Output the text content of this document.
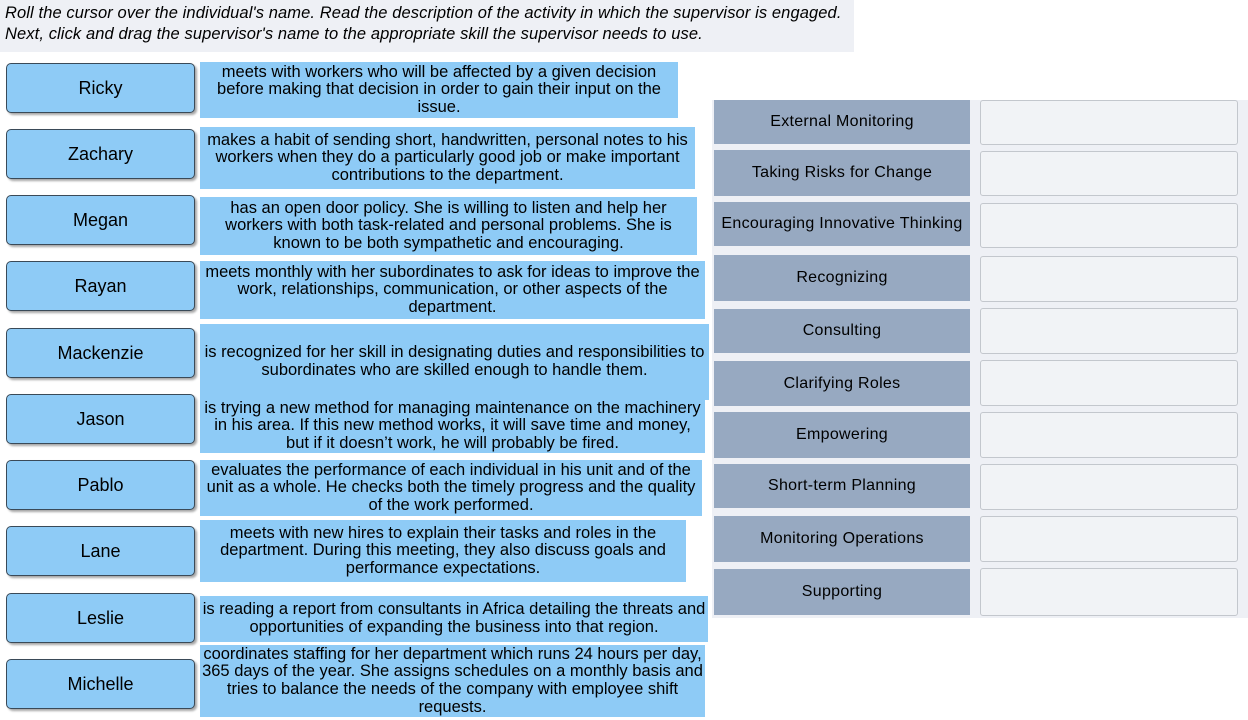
Roll the cursor over the individual's name. Read the description of the activity in which the supervisor is engaged. Next, click and drag the supervisor's name to the appropriate skill the supervisor needs to use.
Ricky
Zachary
Megan
Rayan
Mackenzie
Jason
Pablo
Lane
Leslie
Michelle
meets with workers who will be affected by a given decision before making that decision in order to gain their input on the issue.
makes a habit of sending short, handwritten, personal notes to his workers when they do a particularly good job or make important contributions to the department.
has an open door policy. She is willing to listen and help her workers with both task-related and personal problems. She is known to be both sympathetic and encouraging.
meets monthly with her subordinates to ask for ideas to improve the work, relationships, communication, or other aspects of the department.
is recognized for her skill in designating duties and responsibilities to subordinates who are skilled enough to handle them.
is trying a new method for managing maintenance on the machinery in his area. If this new method works, it will save time and money, but if it doesn’t work, he will probably be fired.
evaluates the performance of each individual in his unit and of the unit as a whole. He checks both the timely progress and the quality of the work performed.
meets with new hires to explain their tasks and roles in the department. During this meeting, they also discuss goals and performance expectations.
is reading a report from consultants in Africa detailing the threats and opportunities of expanding the business into that region.
coordinates staffing for her department which runs 24 hours per day, 365 days of the year. She assigns schedules on a monthly basis and tries to balance the needs of the company with employee shift requests.
External Monitoring
Taking Risks for Change
Encouraging Innovative Thinking
Recognizing
Consulting
Clarifying Roles
Empowering
Short-term Planning
Monitoring Operations
Supporting
